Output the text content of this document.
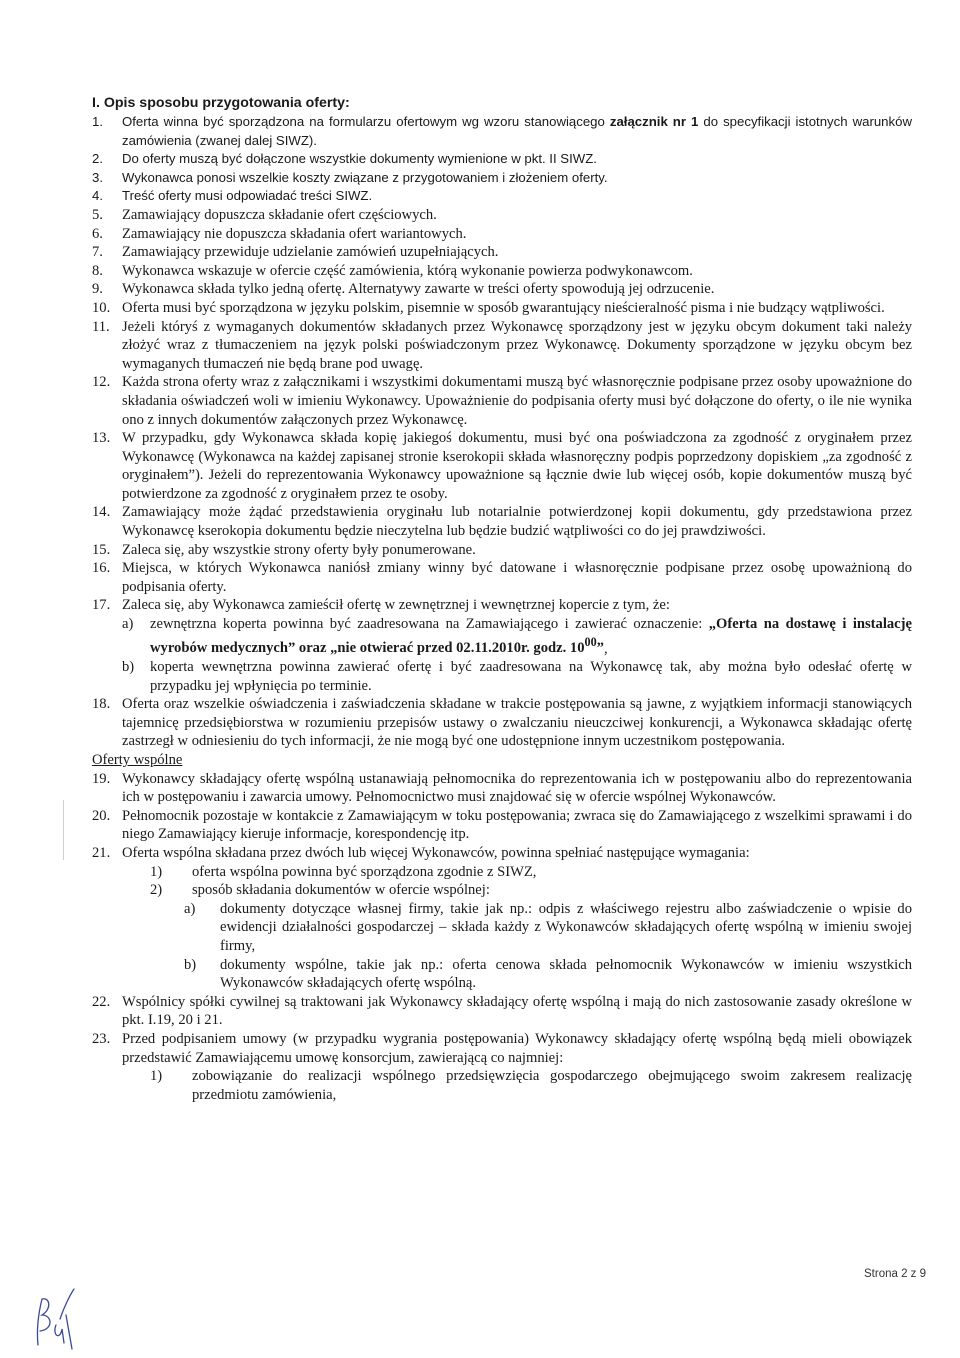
I. Opis sposobu przygotowania oferty:

1.	Oferta winna być sporządzona na formularzu ofertowym wg wzoru stanowiącego załącznik nr 1 do specyfikacji istotnych warunków zamówienia (zwanej dalej SIWZ).
2.	Do oferty muszą być dołączone wszystkie dokumenty wymienione w pkt. II SIWZ.
3.	Wykonawca ponosi wszelkie koszty związane z przygotowaniem i złożeniem oferty.
4.	Treść oferty musi odpowiadać treści SIWZ.
5.	Zamawiający dopuszcza składanie ofert częściowych.
6.	Zamawiający nie dopuszcza składania ofert wariantowych.
7.	Zamawiający przewiduje udzielanie zamówień uzupełniających.
8.	Wykonawca wskazuje w ofercie część zamówienia, którą wykonanie powierza podwykonawcom.
9.	Wykonawca składa tylko jedną ofertę. Alternatywy zawarte w treści oferty spowodują jej odrzucenie.
10. Oferta musi być sporządzona w języku polskim, pisemnie w sposób gwarantujący nieścieralność pisma i nie budzący wątpliwości.
11. Jeżeli któryś z wymaganych dokumentów składanych przez Wykonawcę sporządzony jest w języku obcym dokument taki należy złożyć wraz z tłumaczeniem na język polski poświadczonym przez Wykonawcę. Dokumenty sporządzone w języku obcym bez wymaganych tłumaczeń nie będą brane pod uwagę.
12. Każda strona oferty wraz z załącznikami i wszystkimi dokumentami muszą być własnoręcznie podpisane przez osoby upoważnione do składania oświadczeń woli w imieniu Wykonawcy. Upoważnienie do podpisania oferty musi być dołączone do oferty, o ile nie wynika ono z innych dokumentów załączonych przez Wykonawcę.
13. W przypadku, gdy Wykonawca składa kopię jakiegoś dokumentu, musi być ona poświadczona za zgodność z oryginałem przez Wykonawcę (Wykonawca na każdej zapisanej stronie kserokopii składa własnoręczny podpis poprzedzony dopiskiem „za zgodność z oryginałem”). Jeżeli do reprezentowania Wykonawcy upoważnione są łącznie dwie lub więcej osób, kopie dokumentów muszą być potwierdzone za zgodność z oryginałem przez te osoby.
14. Zamawiający może żądać przedstawienia oryginału lub notarialnie potwierdzonej kopii dokumentu, gdy przedstawiona przez Wykonawcę kserokopia dokumentu będzie nieczytelna lub będzie budzić wątpliwości co do jej prawdziwości.
15. Zaleca się, aby wszystkie strony oferty były ponumerowane.
16. Miejsca, w których Wykonawca naniósł zmiany winny być datowane i własnoręcznie podpisane przez osobę upoważnioną do podpisania oferty.
17. Zaleca się, aby Wykonawca zamieścił ofertę w zewnętrznej i wewnętrznej kopercie z tym, że:
a) zewnętrzna koperta powinna być zaadresowana na Zamawiającego i zawierać oznaczenie: „Oferta na dostawę i instalację wyrobów medycznych” oraz „nie otwierać przed 02.11.2010r. godz. $10^{00}$”,
b) koperta wewnętrzna powinna zawierać ofertę i być zaadresowana na Wykonawcę tak, aby można było odesłać ofertę w przypadku jej wpłynięcia po terminie.
18. Oferta oraz wszelkie oświadczenia i zaświadczenia składane w trakcie postępowania są jawne, z wyjątkiem informacji stanowiących tajemnicę przedsiębiorstwa w rozumieniu przepisów ustawy o zwalczaniu nieuczciwej konkurencji, a Wykonawca składając ofertę zastrzegł w odniesieniu do tych informacji, że nie mogą być one udostępnione innym uczestnikom postępowania.

Oferty wspólne

19. Wykonawcy składający ofertę wspólną ustanawiają pełnomocnika do reprezentowania ich w postępowaniu albo do reprezentowania ich w postępowaniu i zawarcia umowy. Pełnomocnictwo musi znajdować się w ofercie wspólnej Wykonawców.
20. Pełnomocnik pozostaje w kontakcie z Zamawiającym w toku postępowania; zwraca się do Zamawiającego z wszelkimi sprawami i do niego Zamawiający kieruje informacje, korespondencję itp.
21. Oferta wspólna składana przez dwóch lub więcej Wykonawców, powinna spełniać następujące wymagania:
1) oferta wspólna powinna być sporządzona zgodnie z SIWZ,
2) sposób składania dokumentów w ofercie wspólnej:
a) dokumenty dotyczące własnej firmy, takie jak np.: odpis z właściwego rejestru albo zaświadczenie o wpisie do ewidencji działalności gospodarczej – składa każdy z Wykonawców składających ofertę wspólną w imieniu swojej firmy,
b) dokumenty wspólne, takie jak np.: oferta cenowa składa pełnomocnik Wykonawców w imieniu wszystkich Wykonawców składających ofertę wspólną.
22. Wspólnicy spółki cywilnej są traktowani jak Wykonawcy składający ofertę wspólną i mają do nich zastosowanie zasady określone w pkt. I.19, 20 i 21.
23. Przed podpisaniem umowy (w przypadku wygrania postępowania) Wykonawcy składający ofertę wspólną będą mieli obowiązek przedstawić Zamawiającemu umowę konsorcjum, zawierającą co najmniej:
1) zobowiązanie do realizacji wspólnego przedsięwzięcia gospodarczego obejmującego swoim zakresem realizację przedmiotu zamówienia,
Strona 2 z 9
